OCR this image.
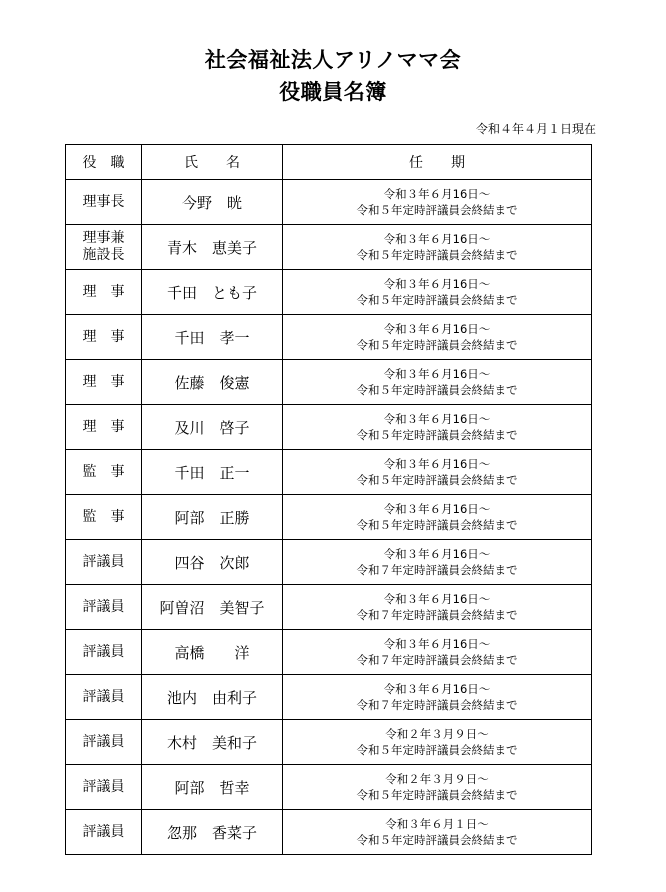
社会福祉法人アリノママ会
役職員名簿
令和４年４月１日現在
役　職	氏　　名	任　　期

理事長	今野　晄	令和３年６月16日～
令和５年定時評議員会終結まで

理事兼
施設長	青木　恵美子	令和３年６月16日～
令和５年定時評議員会終結まで

理　事	千田　とも子	令和３年６月16日～
令和５年定時評議員会終結まで

理　事	千田　孝一	令和３年６月16日～
令和５年定時評議員会終結まで

理　事	佐藤　俊憲	令和３年６月16日～
令和５年定時評議員会終結まで

理　事	及川　啓子	令和３年６月16日～
令和５年定時評議員会終結まで

監　事	千田　正一	令和３年６月16日～
令和５年定時評議員会終結まで

監　事	阿部　正勝	令和３年６月16日～
令和５年定時評議員会終結まで

評議員	四谷　次郎	令和３年６月16日～
令和７年定時評議員会終結まで

評議員	阿曽沼　美智子	令和３年６月16日～
令和７年定時評議員会終結まで

評議員	高橋　　洋	令和３年６月16日～
令和７年定時評議員会終結まで

評議員	池内　由利子	令和３年６月16日～
令和７年定時評議員会終結まで

評議員	木村　美和子	令和２年３月９日～
令和５年定時評議員会終結まで

評議員	阿部　哲幸	令和２年３月９日～
令和５年定時評議員会終結まで

評議員	忽那　香菜子	令和３年６月１日～
令和５年定時評議員会終結まで
